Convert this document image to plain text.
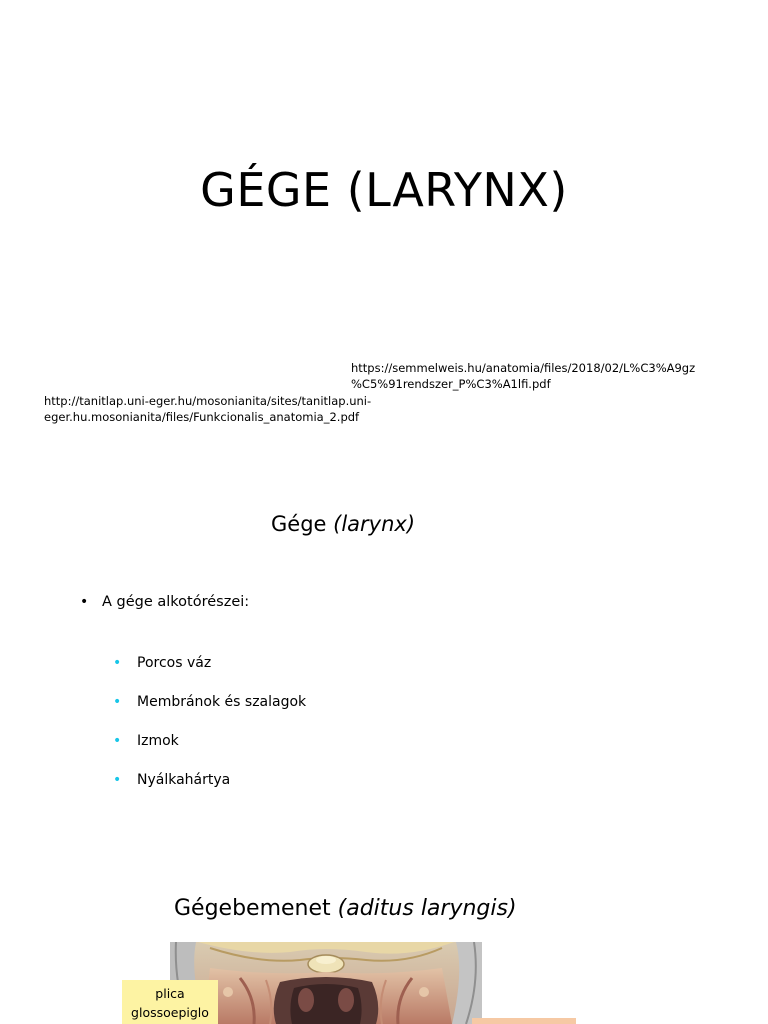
GÉGE (LARYNX)
https://semmelweis.hu/anatomia/files/2018/02/L%C3%A9gz
%C5%91rendszer_P%C3%A1lfi.pdf
http://tanitlap.uni-eger.hu/mosonianita/sites/tanitlap.uni-
eger.hu.mosonianita/files/Funkcionalis_anatomia_2.pdf
Gége (larynx)
• A gége alkotórészei:
• Porcos váz
• Membránok és szalagok
• Izmok
• Nyálkahártya
Gégebemenet (aditus laryngis)
plica
glossoepiglo
